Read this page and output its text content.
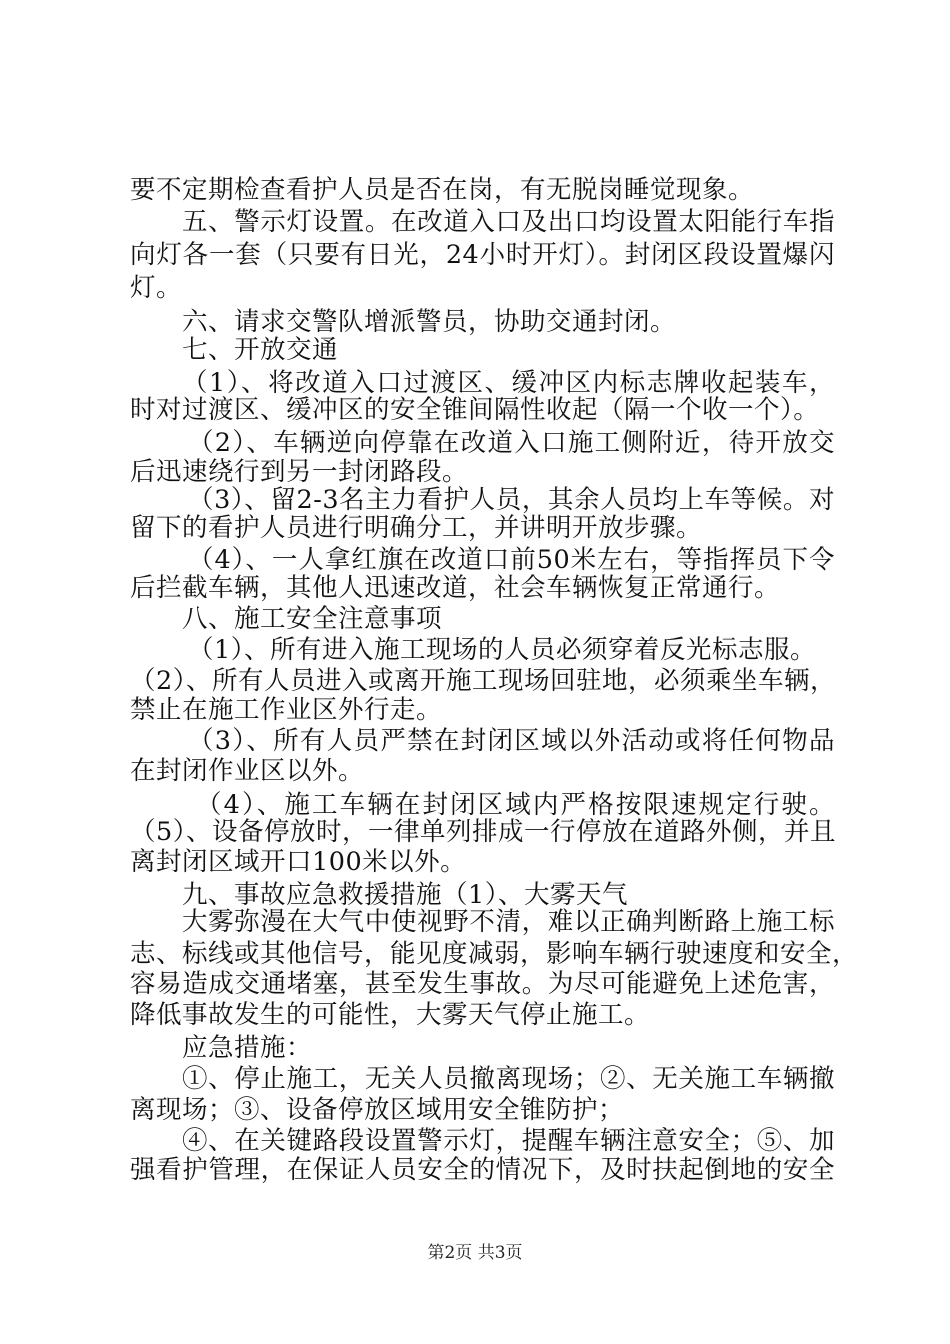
要不定期检查看护人员是否在岗，有无脱岗睡觉现象。
五、警示灯设置。在改道入口及出口均设置太阳能行车指
向灯各一套（只要有日光，24小时开灯）。封闭区段设置爆闪
灯。
六、请求交警队增派警员，协助交通封闭。
七、开放交通
（1）、将改道入口过渡区、缓冲区内标志牌收起装车，
时对过渡区、缓冲区的安全锥间隔性收起（隔一个收一个）。
（2）、车辆逆向停靠在改道入口施工侧附近，待开放交
后迅速绕行到另一封闭路段。
（3）、留2-3名主力看护人员，其余人员均上车等候。对
留下的看护人员进行明确分工，并讲明开放步骤。
（4）、一人拿红旗在改道口前50米左右，等指挥员下令
后拦截车辆，其他人迅速改道，社会车辆恢复正常通行。
八、施工安全注意事项
（1）、所有进入施工现场的人员必须穿着反光标志服。
（2）、所有人员进入或离开施工现场回驻地，必须乘坐车辆，
禁止在施工作业区外行走。
（3）、所有人员严禁在封闭区域以外活动或将任何物品
在封闭作业区以外。
（4）、施工车辆在封闭区域内严格按限速规定行驶。
（5）、设备停放时，一律单列排成一行停放在道路外侧，并且
离封闭区域开口100米以外。
九、事故应急救援措施（1）、大雾天气
大雾弥漫在大气中使视野不清，难以正确判断路上施工标
志、标线或其他信号，能见度减弱，影响车辆行驶速度和安全，
容易造成交通堵塞，甚至发生事故。为尽可能避免上述危害，
降低事故发生的可能性，大雾天气停止施工。
应急措施：
①、停止施工，无关人员撤离现场；②、无关施工车辆撤
离现场；③、设备停放区域用安全锥防护；
④、在关键路段设置警示灯，提醒车辆注意安全；⑤、加
强看护管理，在保证人员安全的情况下，及时扶起倒地的安全
第2页 共3页
